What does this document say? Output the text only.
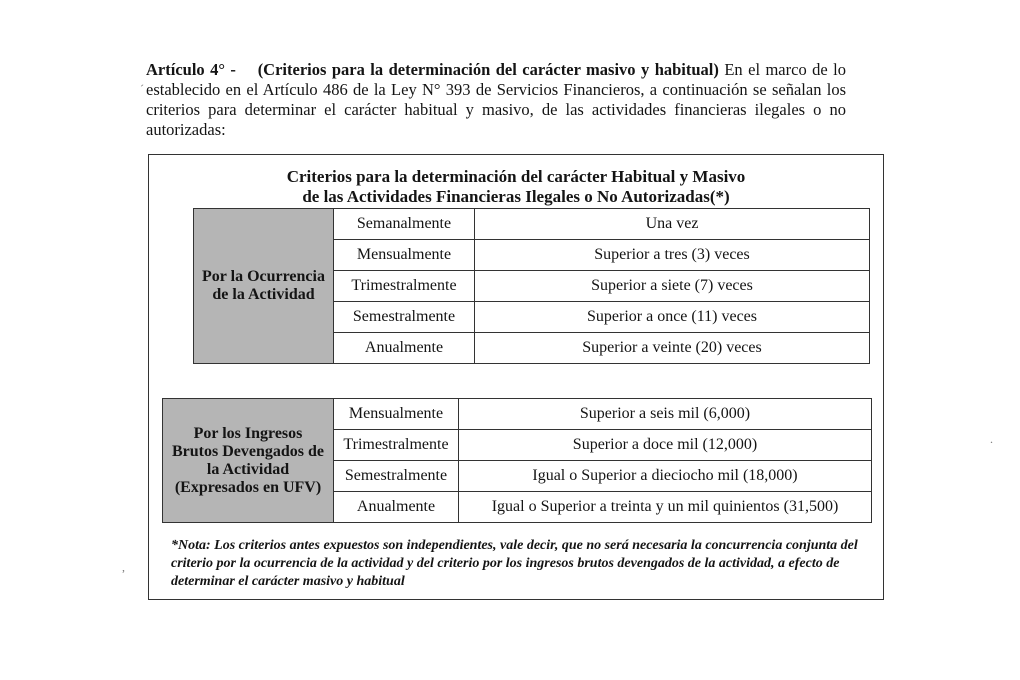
Artículo 4° - (Criterios para la determinación del carácter masivo y habitual) En el marco de lo establecido en el Artículo 486 de la Ley N° 393 de Servicios Financieros, a continuación se señalan los criterios para determinar el carácter habitual y masivo, de las actividades financieras ilegales o no autorizadas:
Criterios para la determinación del carácter Habitual y Masivo
de las Actividades Financieras Ilegales o No Autorizadas(*)
Por la Ocurrencia de la Actividad	Semanalmente	Una vez
	Mensualmente	Superior a tres (3) veces
	Trimestralmente	Superior a siete (7) veces
	Semestralmente	Superior a once (11) veces
	Anualmente	Superior a veinte (20) veces
Por los Ingresos Brutos Devengados de la Actividad (Expresados en UFV)	Mensualmente	Superior a seis mil (6,000)
	Trimestralmente	Superior a doce mil (12,000)
	Semestralmente	Igual o Superior a dieciocho mil (18,000)
	Anualmente	Igual o Superior a treinta y un mil quinientos (31,500)
*Nota: Los criterios antes expuestos son independientes, vale decir, que no será necesaria la concurrencia conjunta del criterio por la ocurrencia de la actividad y del criterio por los ingresos brutos devengados de la actividad, a efecto de determinar el carácter masivo y habitual
´
,
.
